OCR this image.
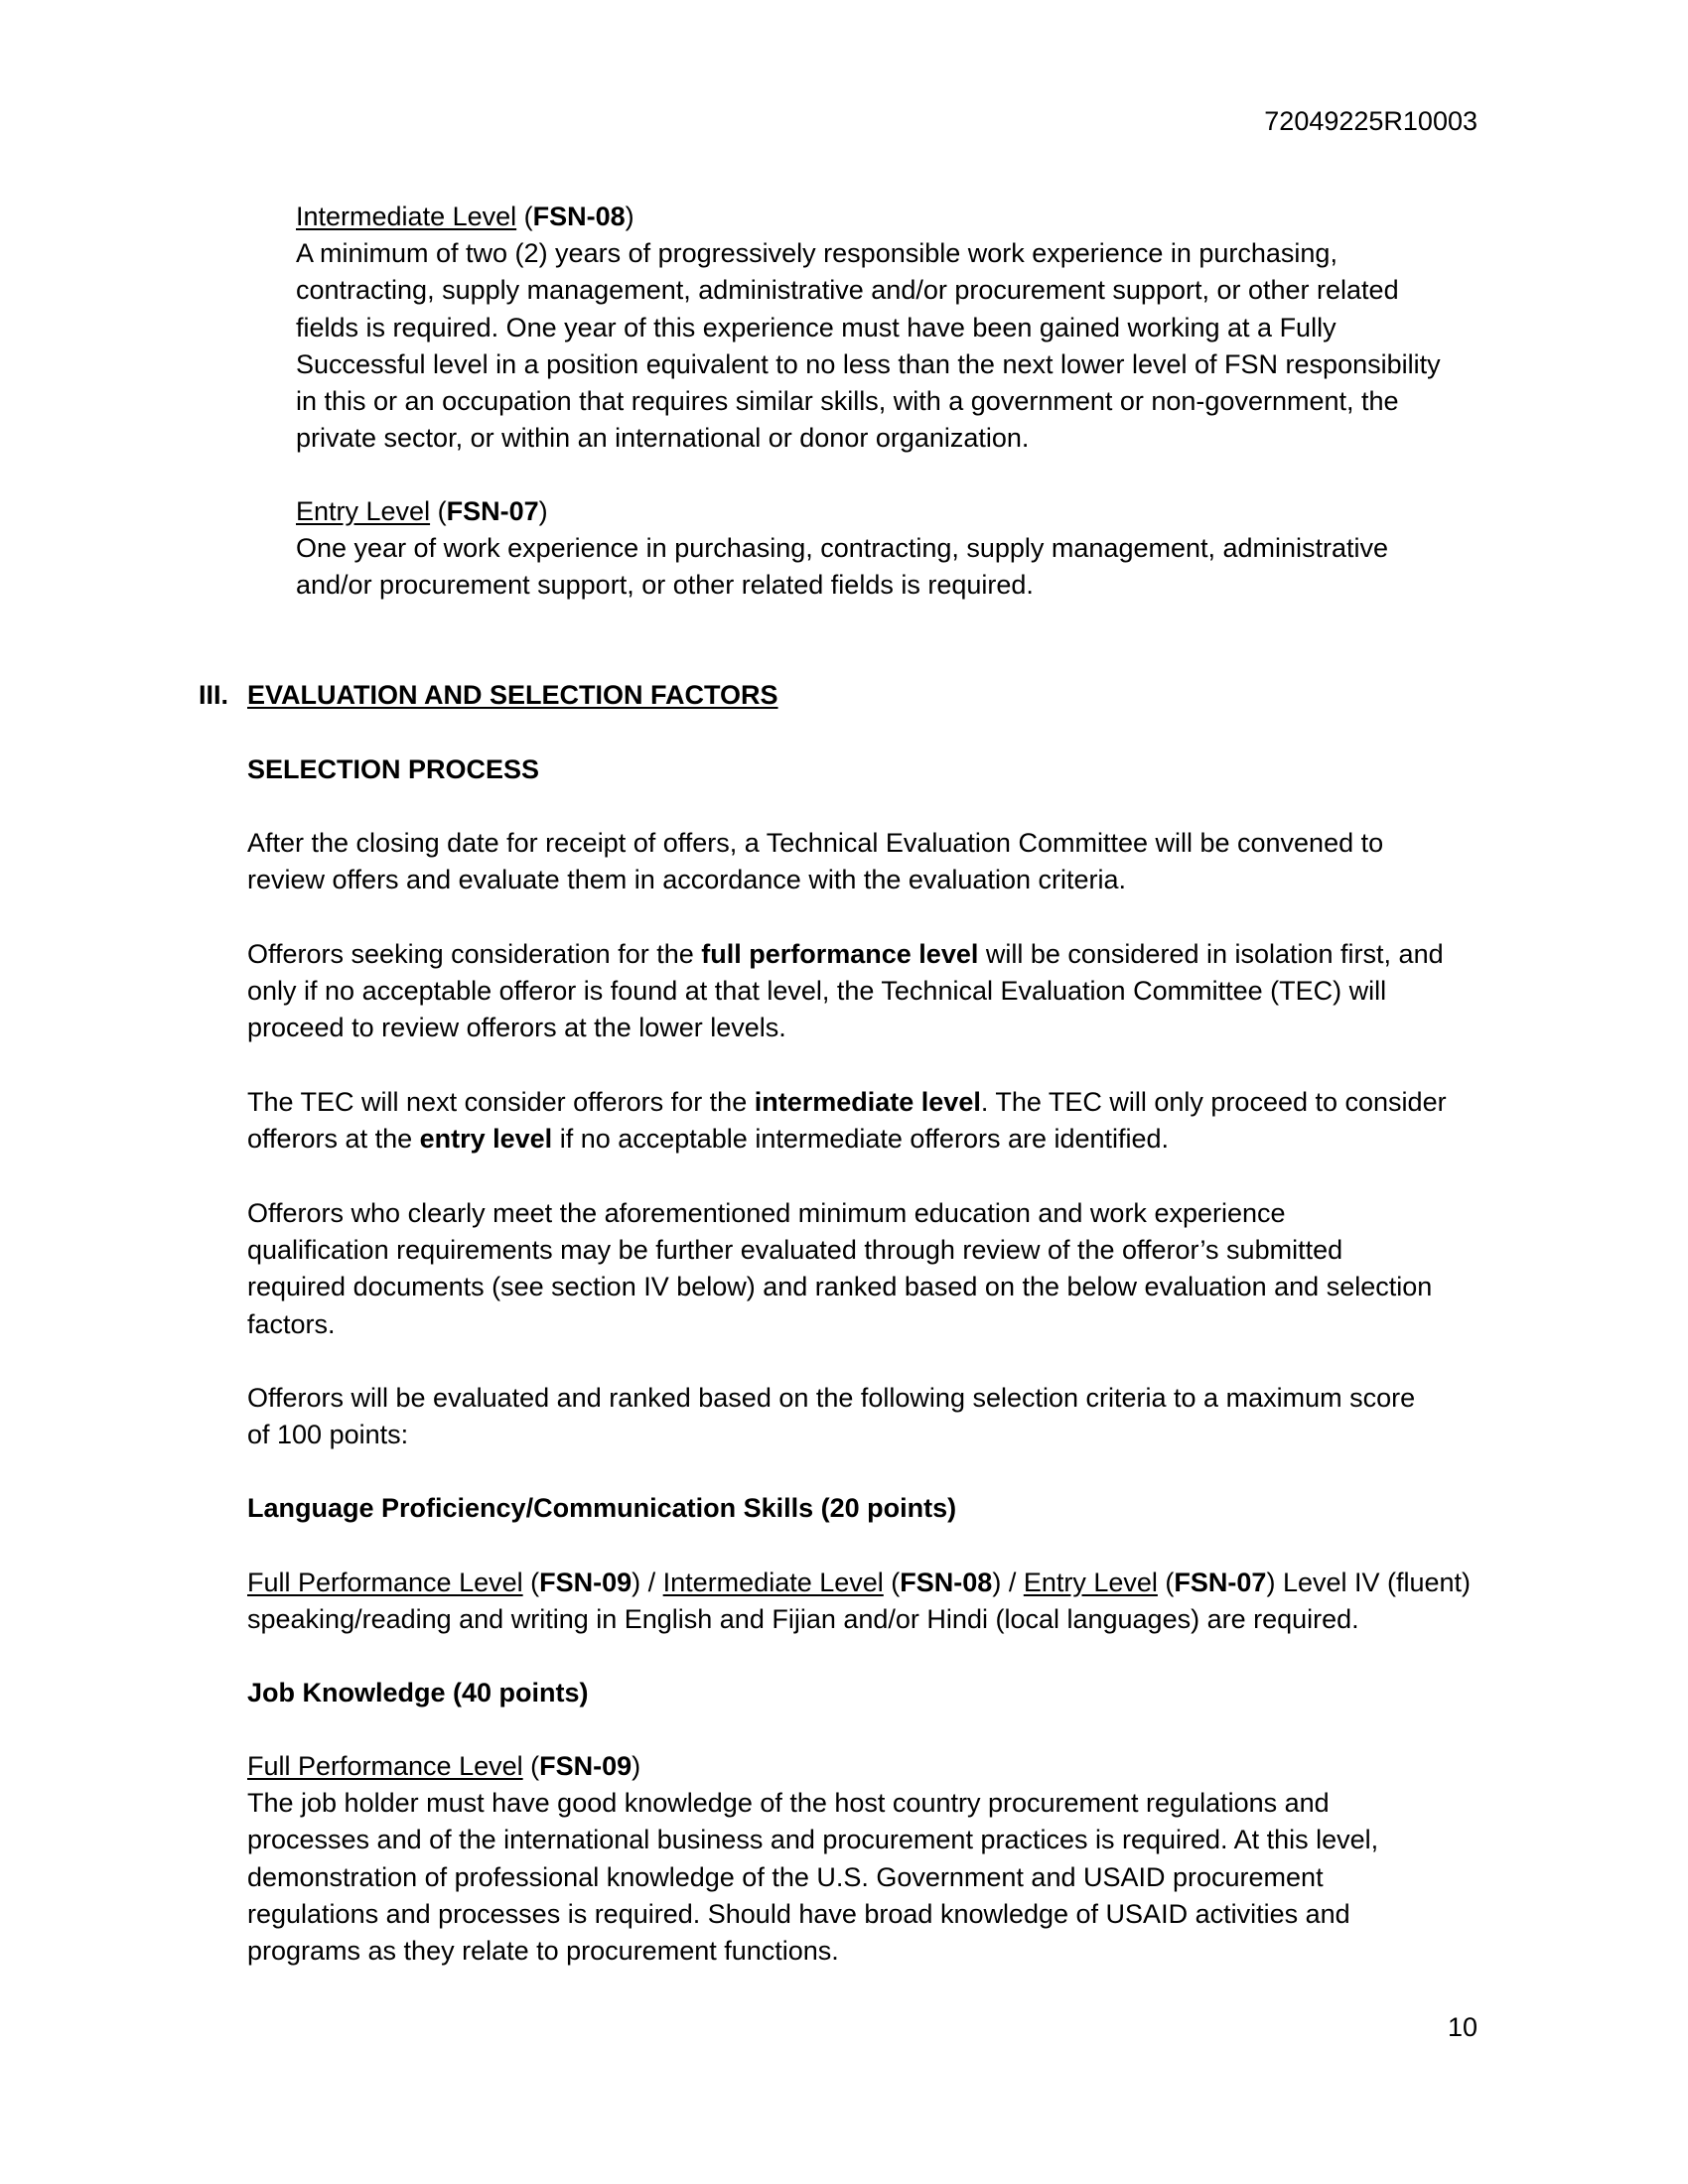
72049225R10003
Intermediate Level (FSN-08)
A minimum of two (2) years of progressively responsible work experience in purchasing,
contracting, supply management, administrative and/or procurement support, or other related
fields is required. One year of this experience must have been gained working at a Fully
Successful level in a position equivalent to no less than the next lower level of FSN responsibility
in this or an occupation that requires similar skills, with a government or non-government, the
private sector, or within an international or donor organization.
Entry Level (FSN-07)
One year of work experience in purchasing, contracting, supply management, administrative
and/or procurement support, or other related fields is required.
III. EVALUATION AND SELECTION FACTORS
SELECTION PROCESS
After the closing date for receipt of offers, a Technical Evaluation Committee will be convened to
review offers and evaluate them in accordance with the evaluation criteria.
Offerors seeking consideration for the full performance level will be considered in isolation first, and
only if no acceptable offeror is found at that level, the Technical Evaluation Committee (TEC) will
proceed to review offerors at the lower levels.
The TEC will next consider offerors for the intermediate level. The TEC will only proceed to consider
offerors at the entry level if no acceptable intermediate offerors are identified.
Offerors who clearly meet the aforementioned minimum education and work experience
qualification requirements may be further evaluated through review of the offeror’s submitted
required documents (see section IV below) and ranked based on the below evaluation and selection
factors.
Offerors will be evaluated and ranked based on the following selection criteria to a maximum score
of 100 points:
Language Proficiency/Communication Skills (20 points)
Full Performance Level (FSN-09) / Intermediate Level (FSN-08) / Entry Level (FSN-07) Level IV (fluent)
speaking/reading and writing in English and Fijian and/or Hindi (local languages) are required.
Job Knowledge (40 points)
Full Performance Level (FSN-09)
The job holder must have good knowledge of the host country procurement regulations and
processes and of the international business and procurement practices is required. At this level,
demonstration of professional knowledge of the U.S. Government and USAID procurement
regulations and processes is required. Should have broad knowledge of USAID activities and
programs as they relate to procurement functions.
10
